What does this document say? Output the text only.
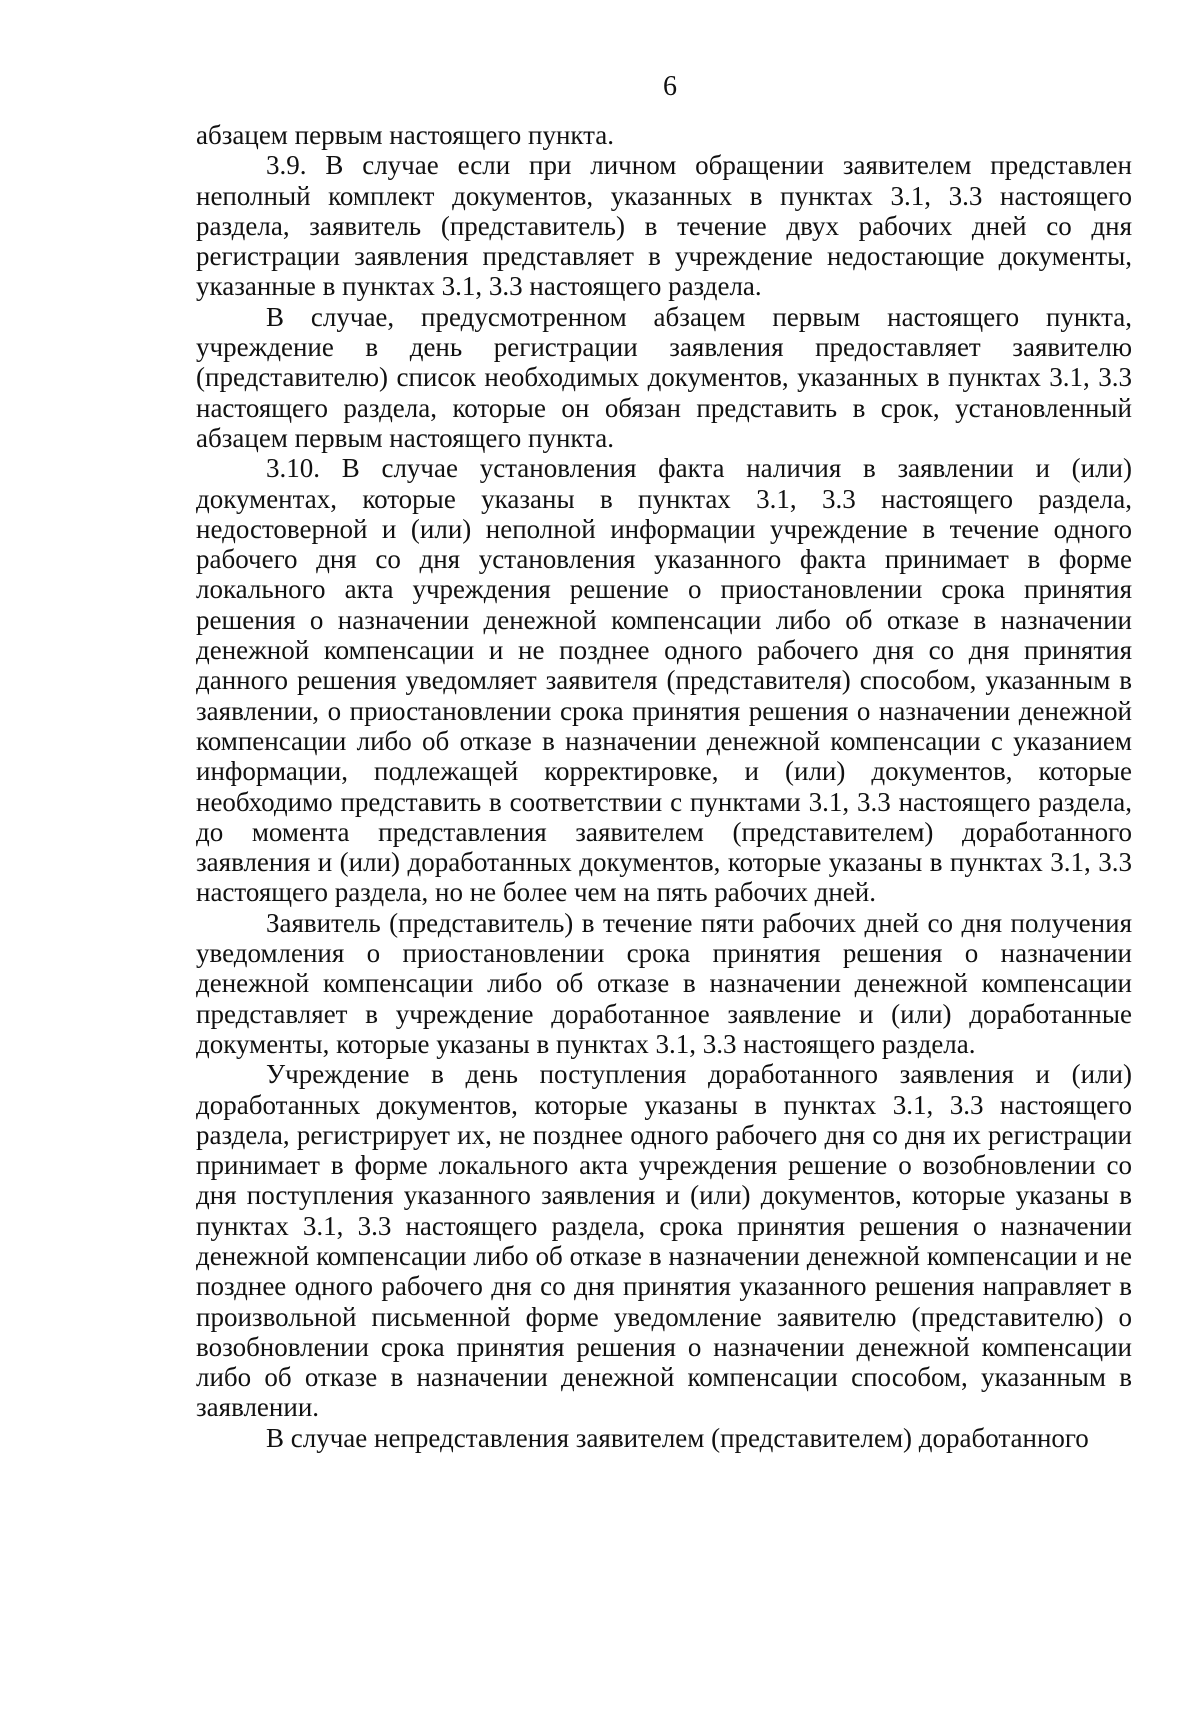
6

абзацем первым настоящего пункта.

3.9. В случае если при личном обращении заявителем представлен неполный комплект документов, указанных в пунктах 3.1, 3.3 настоящего раздела, заявитель (представитель) в течение двух рабочих дней со дня регистрации заявления представляет в учреждение недостающие документы, указанные в пунктах 3.1, 3.3 настоящего раздела.

В случае, предусмотренном абзацем первым настоящего пункта, учреждение в день регистрации заявления предоставляет заявителю (представителю) список необходимых документов, указанных в пунктах 3.1, 3.3 настоящего раздела, которые он обязан представить в срок, установленный абзацем первым настоящего пункта.

3.10. В случае установления факта наличия в заявлении и (или) документах, которые указаны в пунктах 3.1, 3.3 настоящего раздела, недостоверной и (или) неполной информации учреждение в течение одного рабочего дня со дня установления указанного факта принимает в форме локального акта учреждения решение о приостановлении срока принятия решения о назначении денежной компенсации либо об отказе в назначении денежной компенсации и не позднее одного рабочего дня со дня принятия данного решения уведомляет заявителя (представителя) способом, указанным в заявлении, о приостановлении срока принятия решения о назначении денежной компенсации либо об отказе в назначении денежной компенсации с указанием информации, подлежащей корректировке, и (или) документов, которые необходимо представить в соответствии с пунктами 3.1, 3.3 настоящего раздела, до момента представления заявителем (представителем) доработанного заявления и (или) доработанных документов, которые указаны в пунктах 3.1, 3.3 настоящего раздела, но не более чем на пять рабочих дней.

Заявитель (представитель) в течение пяти рабочих дней со дня получения уведомления о приостановлении срока принятия решения о назначении денежной компенсации либо об отказе в назначении денежной компенсации представляет в учреждение доработанное заявление и (или) доработанные документы, которые указаны в пунктах 3.1, 3.3 настоящего раздела.

Учреждение в день поступления доработанного заявления и (или) доработанных документов, которые указаны в пунктах 3.1, 3.3 настоящего раздела, регистрирует их, не позднее одного рабочего дня со дня их регистрации принимает в форме локального акта учреждения решение о возобновлении со дня поступления указанного заявления и (или) документов, которые указаны в пунктах 3.1, 3.3 настоящего раздела, срока принятия решения о назначении денежной компенсации либо об отказе в назначении денежной компенсации и не позднее одного рабочего дня со дня принятия указанного решения направляет в произвольной письменной форме уведомление заявителю (представителю) о возобновлении срока принятия решения о назначении денежной компенсации либо об отказе в назначении денежной компенсации способом, указанным в заявлении.

В случае непредставления заявителем (представителем) доработанного
